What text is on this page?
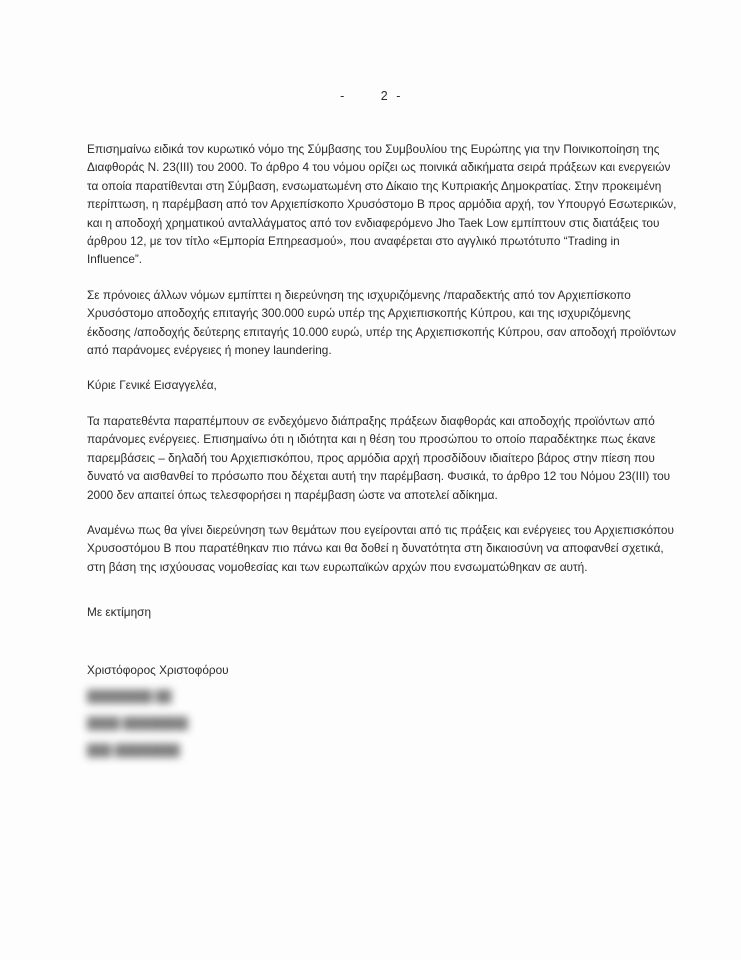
-	2 -

Επισημαίνω ειδικά τον κυρωτικό νόμο της Σύμβασης του Συμβουλίου της Ευρώπης για την Ποινικοποίηση της Διαφθοράς Ν. 23(ΙΙΙ) του 2000. Το άρθρο 4 του νόμου ορίζει ως ποινικά αδικήματα σειρά πράξεων και ενεργειών τα οποία παρατίθενται στη Σύμβαση, ενσωματωμένη στο Δίκαιο της Κυπριακής Δημοκρατίας. Στην προκειμένη περίπτωση, η παρέμβαση από τον Αρχιεπίσκοπο Χρυσόστομο Β προς αρμόδια αρχή, τον Υπουργό Εσωτερικών, και η αποδοχή χρηματικού ανταλλάγματος από τον ενδιαφερόμενο Jho Taek Low εμπίπτουν στις διατάξεις του άρθρου 12, με τον τίτλο «Εμπορία Επηρεασμού», που αναφέρεται στο αγγλικό πρωτότυπο “Trading in Influence”.

Σε πρόνοιες άλλων νόμων εμπίπτει η διερεύνηση της ισχυριζόμενης /παραδεκτής από τον Αρχιεπίσκοπο Χρυσόστομο αποδοχής επιταγής 300.000 ευρώ υπέρ της Αρχιεπισκοπής Κύπρου, και της ισχυριζόμενης έκδοσης /αποδοχής δεύτερης επιταγής 10.000 ευρώ, υπέρ της Αρχιεπισκοπής Κύπρου, σαν αποδοχή προϊόντων από παράνομες ενέργειες ή money laundering.

Κύριε Γενικέ Εισαγγελέα,

Τα παρατεθέντα παραπέμπουν σε ενδεχόμενο διάπραξης πράξεων διαφθοράς και αποδοχής προϊόντων από παράνομες ενέργειες. Επισημαίνω ότι η ιδιότητα και η θέση του προσώπου το οποίο παραδέκτηκε πως έκανε παρεμβάσεις – δηλαδή του Αρχιεπισκόπου, προς αρμόδια αρχή προσδίδουν ιδιαίτερο βάρος στην πίεση που δυνατό να αισθανθεί το πρόσωπο που δέχεται αυτή την παρέμβαση. Φυσικά, το άρθρο 12 του Νόμου 23(ΙΙΙ) του 2000 δεν απαιτεί όπως τελεσφορήσει η παρέμβαση ώστε να αποτελεί αδίκημα.

Αναμένω πως θα γίνει διερεύνηση των θεμάτων που εγείρονται από τις πράξεις και ενέργειες του Αρχιεπισκόπου Χρυσοστόμου Β που παρατέθηκαν πιο πάνω και θα δοθεί η δυνατότητα στη δικαιοσύνη να αποφανθεί σχετικά, στη βάση της ισχύουσας νομοθεσίας και των ευρωπαϊκών αρχών που ενσωματώθηκαν σε αυτή.

Με εκτίμηση
Χριστόφορος Χριστοφόρου
████████ ██
████ ████████
███ ████████
